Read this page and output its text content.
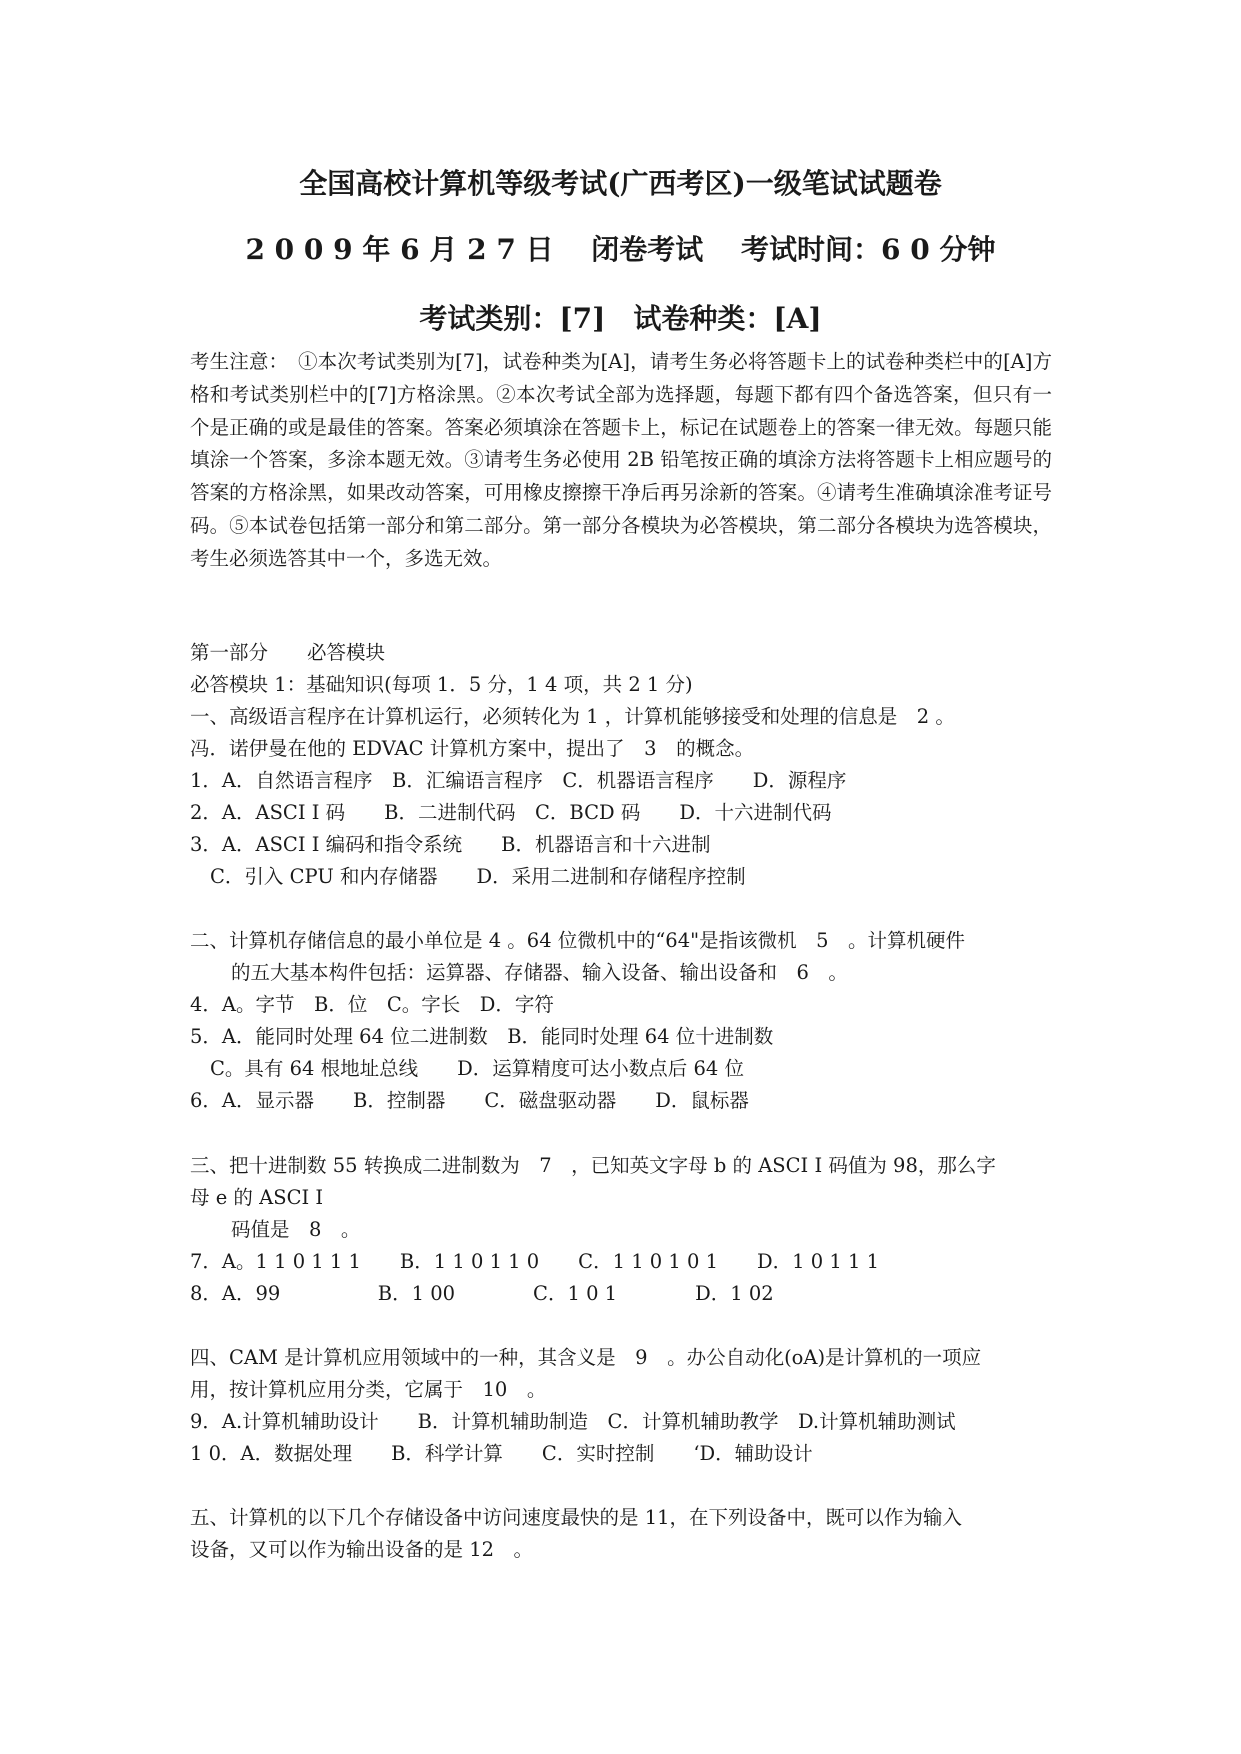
全国高校计算机等级考试(广西考区)一级笔试试题卷
2 0 0 9 年 6 月 2 7 日　 闭卷考试　 考试时间：6 0 分钟
考试类别：[7]　试卷种类：[A]
考生注意：　①本次考试类别为[7]，试卷种类为[A]，请考生务必将答题卡上的试卷种类栏中的[A]方格和考试类别栏中的[7]方格涂黑。②本次考试全部为选择题，每题下都有四个备选答案，但只有一个是正确的或是最佳的答案。答案必须填涂在答题卡上，标记在试题卷上的答案一律无效。每题只能填涂一个答案，多涂本题无效。③请考生务必使用 2B 铅笔按正确的填涂方法将答题卡上相应题号的答案的方格涂黑，如果改动答案，可用橡皮擦擦干净后再另涂新的答案。④请考生准确填涂准考证号码。⑤本试卷包括第一部分和第二部分。第一部分各模块为必答模块，第二部分各模块为选答模块，考生必须选答其中一个，多选无效。
第一部分　　必答模块
必答模块 1：基础知识(每项 1．5 分，1 4 项，共 2 1 分)
一、高级语言程序在计算机运行，必须转化为 1 ，计算机能够接受和处理的信息是　2 。
冯．诺伊曼在他的 EDVAC 计算机方案中，提出了　3　的概念。
1．A．自然语言程序　B．汇编语言程序　C．机器语言程序　　D．源程序
2．A．ASCI I 码　　B．二进制代码　C．BCD 码　　D．十六进制代码
3．A．ASCI I 编码和指令系统　　B．机器语言和十六进制
C．引入 CPU 和内存储器　　D．采用二进制和存储程序控制
二、计算机存储信息的最小单位是 4 。64 位微机中的“64"是指该微机　5　。计算机硬件
的五大基本构件包括：运算器、存储器、输入设备、输出设备和　6　。
4．A。字节　B．位　C。字长　D．字符
5．A．能同时处理 64 位二进制数　B．能同时处理 64 位十进制数
C。具有 64 根地址总线　　D．运算精度可达小数点后 64 位
6．A．显示器　　B．控制器　　C．磁盘驱动器　　D．鼠标器
三、把十进制数 55 转换成二进制数为　7　，已知英文字母 b 的 ASCI I 码值为 98，那么字
母 e 的 ASCI I
码值是　8　。
7．A。1 1 0 1 1 1　　B．1 1 0 1 1 0　　C．1 1 0 1 0 1　　D．1 0 1 1 1
8．A．99　　　　　B．1 00　　　　C．1 0 1　　　　D．1 02
四、CAM 是计算机应用领域中的一种，其含义是　9　。办公自动化(oA)是计算机的一项应
用，按计算机应用分类，它属于　10　。
9．A.计算机辅助设计　　B．计算机辅助制造　C．计算机辅助教学　D.计算机辅助测试
1 0．A．数据处理　　B．科学计算　　C．实时控制　　‘D．辅助设计
五、计算机的以下几个存储设备中访问速度最快的是 11，在下列设备中，既可以作为输入
设备，又可以作为输出设备的是 12　。
